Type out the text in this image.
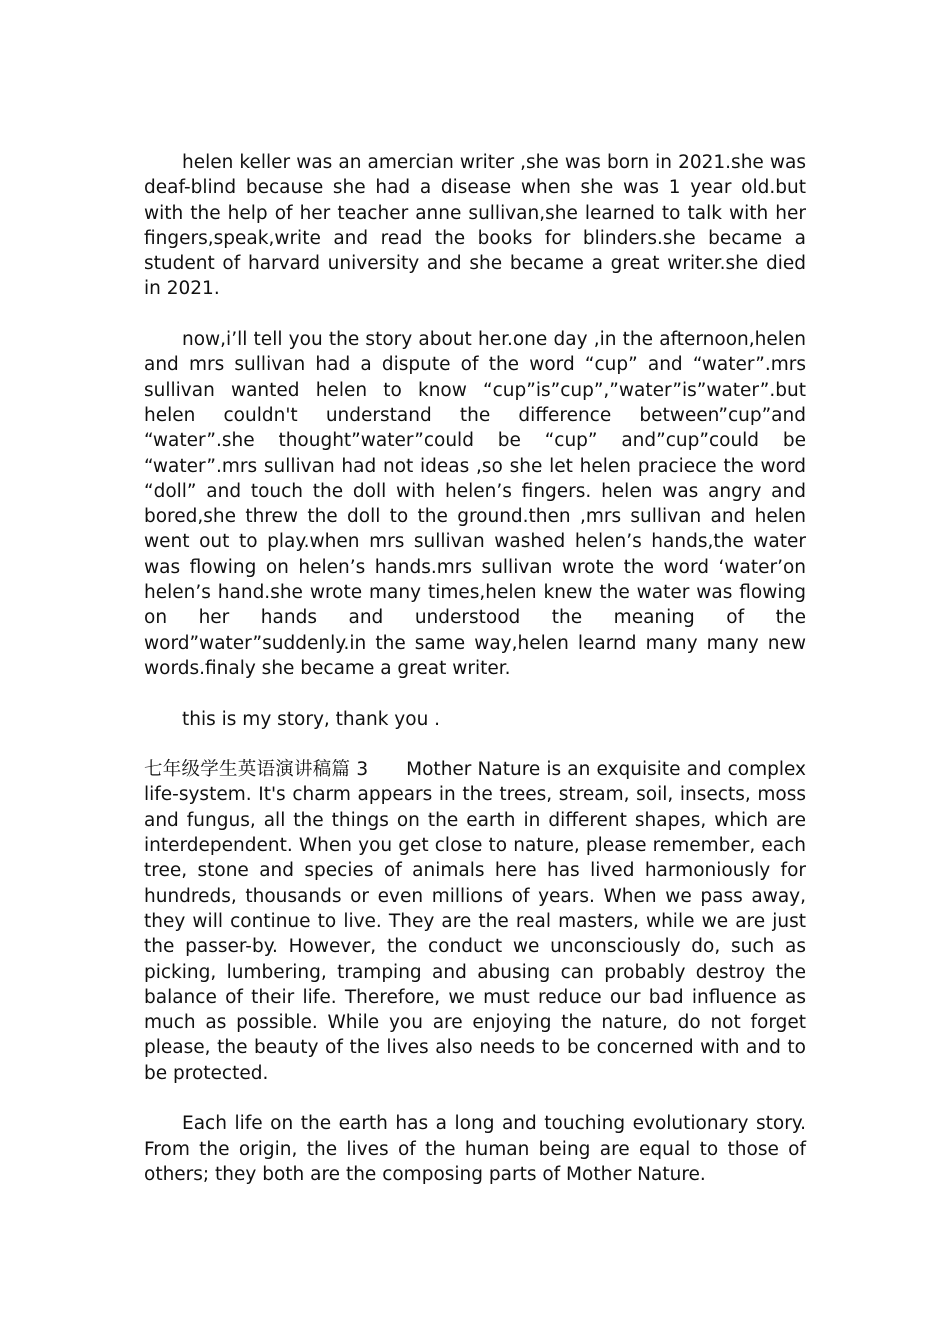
helen keller was an amercian writer ,she was born in 2021.she was deaf-blind because she had a disease when she was 1 year old.but with the help of her teacher anne sullivan,she learned to talk with her fingers,speak,write and read the books for blinders.she became a student of harvard university and she became a great writer.she died in 2021.

now,i’ll tell you the story about her.one day ,in the afternoon,helen and mrs sullivan had a dispute of the word “cup” and “water”.mrs sullivan wanted helen to know “cup”is”cup”,”water”is”water”.but helen couldn't understand the difference between”cup”and “water”.she thought”water”could be “cup” and”cup”could be “water”.mrs sullivan had not ideas ,so she let helen praciece the word “doll” and touch the doll with helen’s fingers. helen was angry and bored,she threw the doll to the ground.then ,mrs sullivan and helen went out to play.when mrs sullivan washed helen’s hands,the water was flowing on helen’s hands.mrs sullivan wrote the word ‘water’on helen’s hand.she wrote many times,helen knew the water was flowing on her hands and understood the meaning of the word”water”suddenly.in the same way,helen learnd many many new words.finaly she became a great writer.

this is my story, thank you .

七年级学生英语演讲稿篇 3 Mother Nature is an exquisite and complex life-system. It's charm appears in the trees, stream, soil, insects, moss and fungus, all the things on the earth in different shapes, which are interdependent. When you get close to nature, please remember, each tree, stone and species of animals here has lived harmoniously for hundreds, thousands or even millions of years. When we pass away, they will continue to live. They are the real masters, while we are just the passer-by. However, the conduct we unconsciously do, such as picking, lumbering, tramping and abusing can probably destroy the balance of their life. Therefore, we must reduce our bad influence as much as possible. While you are enjoying the nature, do not forget please, the beauty of the lives also needs to be concerned with and to be protected.

Each life on the earth has a long and touching evolutionary story. From the origin, the lives of the human being are equal to those of others; they both are the composing parts of Mother Nature.
